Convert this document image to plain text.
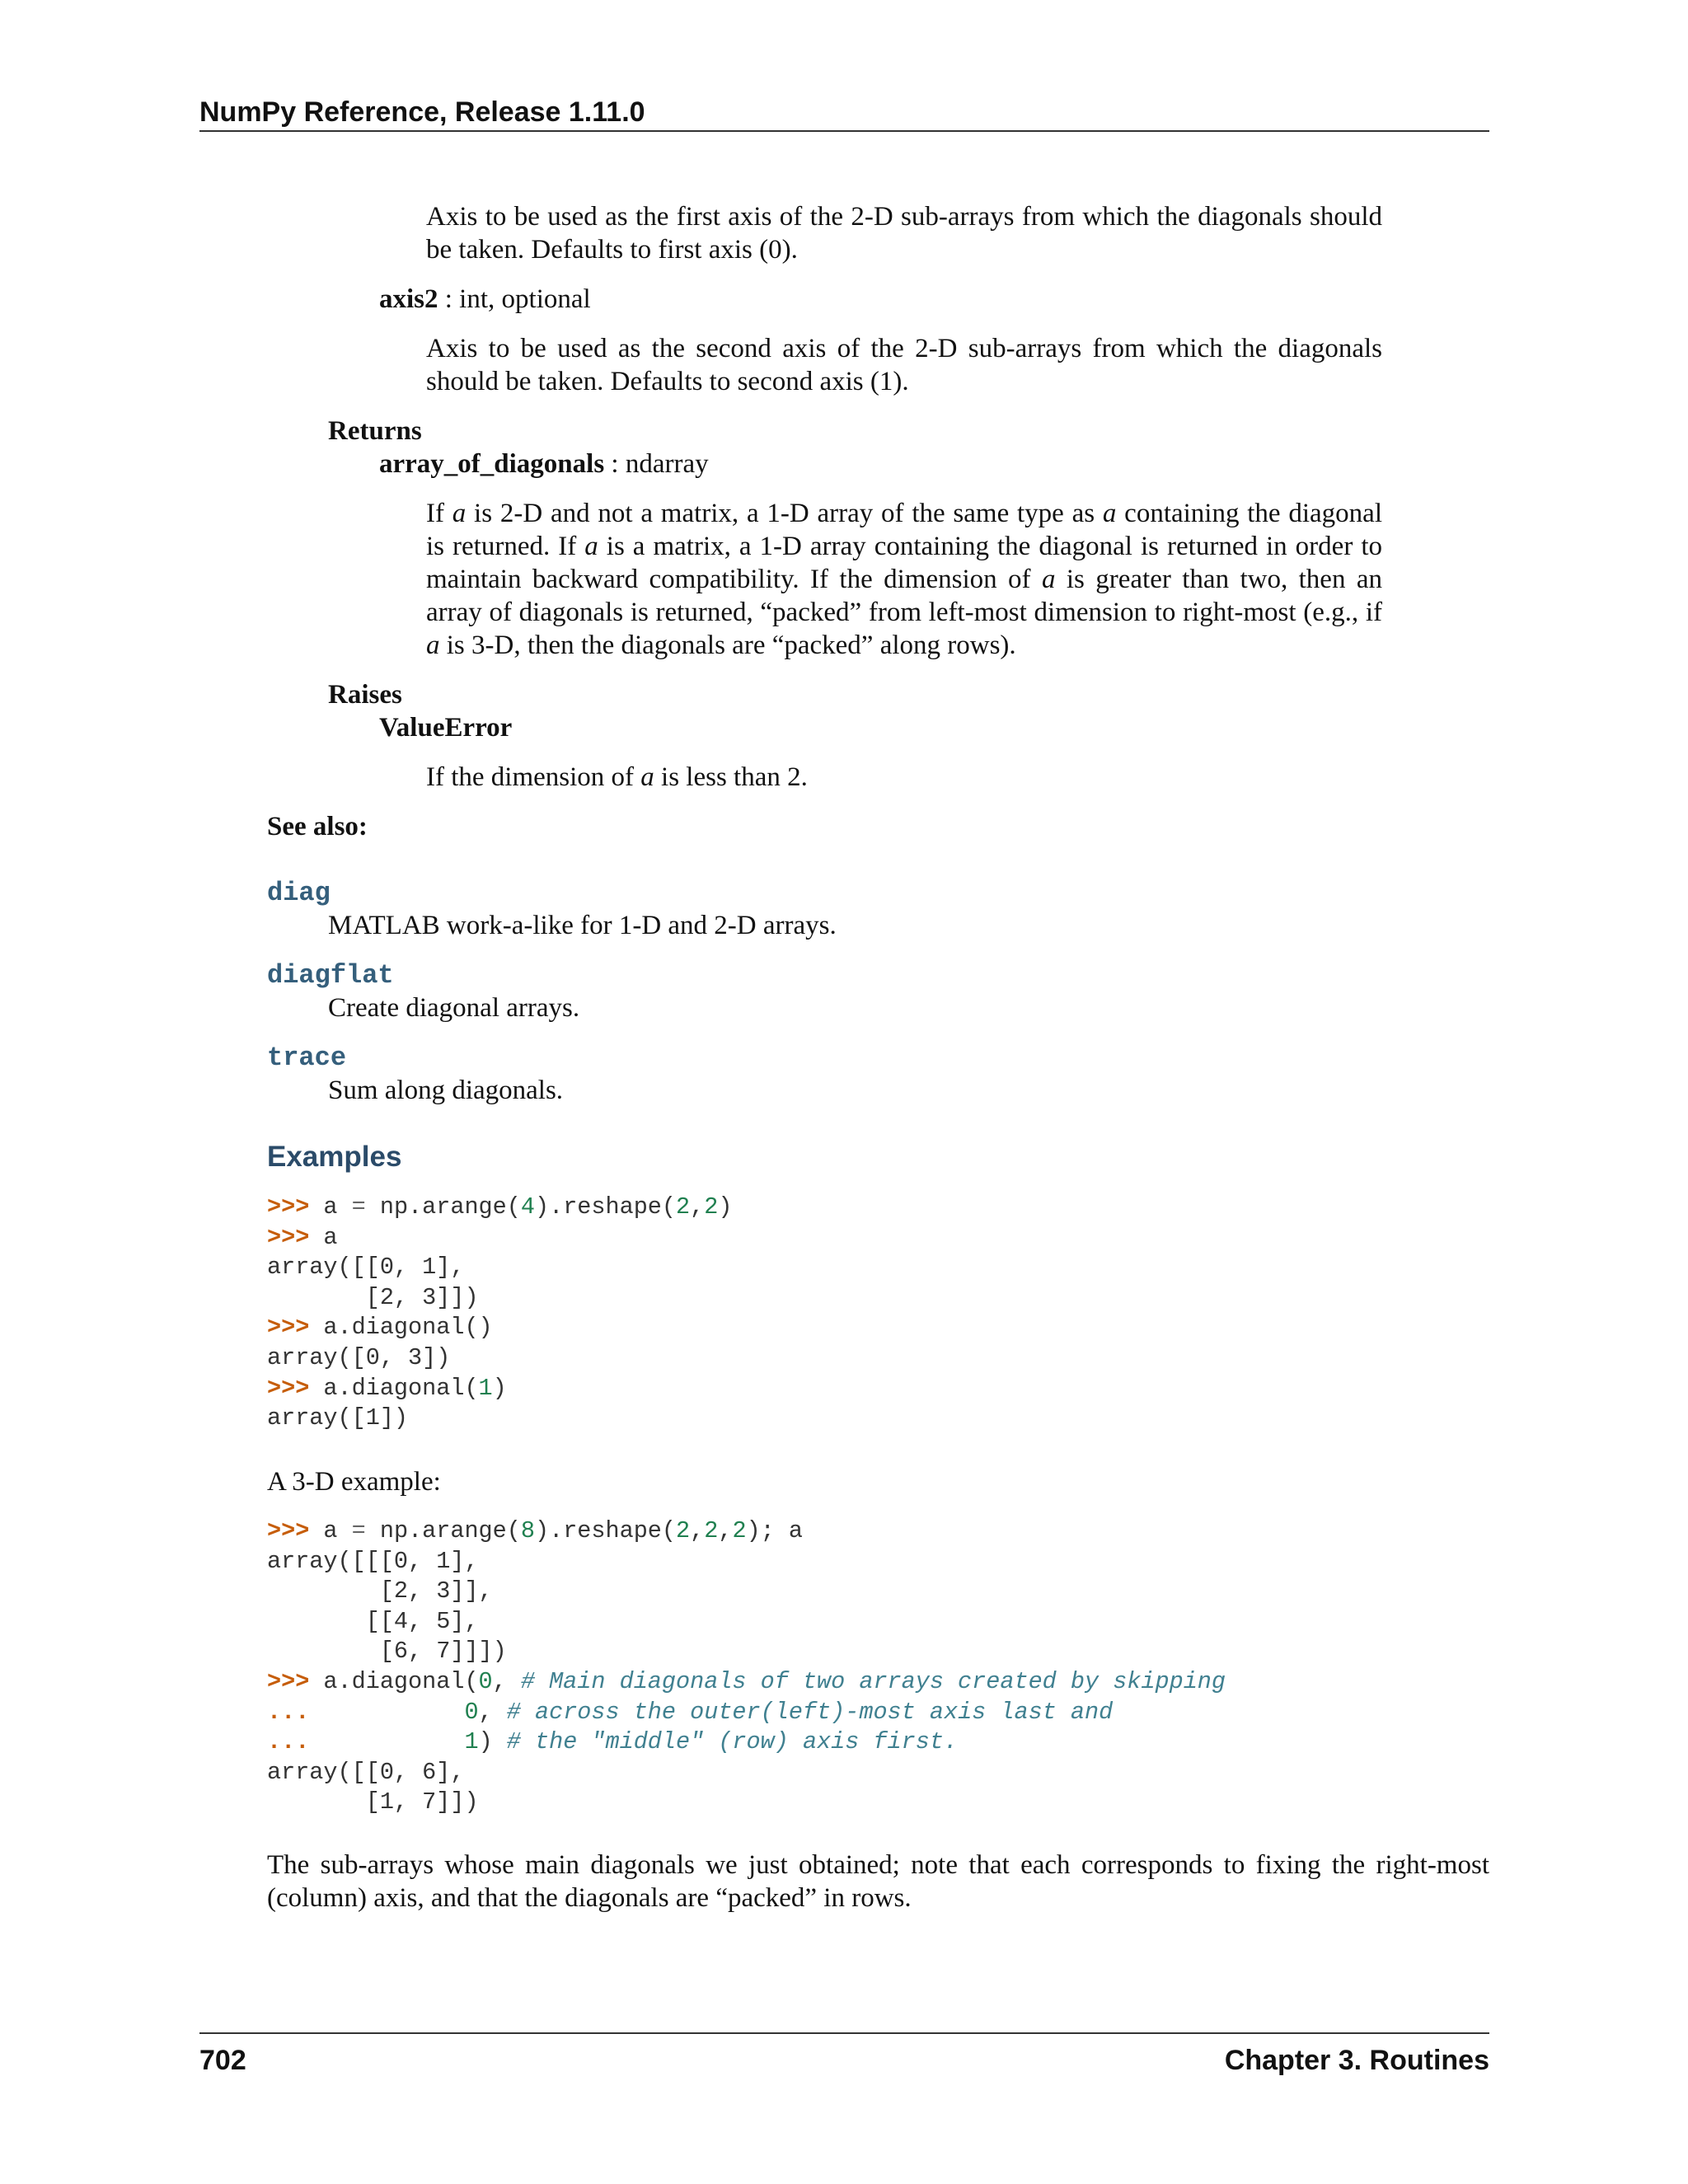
NumPy Reference, Release 1.11.0
Axis to be used as the first axis of the 2-D sub-arrays from which the diagonals should be taken. Defaults to first axis (0).
axis2 : int, optional
Axis to be used as the second axis of the 2-D sub-arrays from which the diagonals should be taken. Defaults to second axis (1).
Returns
array_of_diagonals : ndarray
If a is 2-D and not a matrix, a 1-D array of the same type as a containing the diagonal is returned. If a is a matrix, a 1-D array containing the diagonal is returned in order to maintain backward compatibility. If the dimension of a is greater than two, then an array of diagonals is returned, “packed” from left-most dimension to right-most (e.g., if a is 3-D, then the diagonals are “packed” along rows).
Raises
ValueError
If the dimension of a is less than 2.
See also:
diag
MATLAB work-a-like for 1-D and 2-D arrays.
diagflat
Create diagonal arrays.
trace
Sum along diagonals.
Examples
>>> a = np.arange(4).reshape(2,2)
>>> a
array([[0, 1],
[2, 3]])
>>> a.diagonal()
array([0, 3])
>>> a.diagonal(1)
array([1])
A 3-D example:
>>> a = np.arange(8).reshape(2,2,2); a
array([[[0, 1],
[2, 3]],
[[4, 5],
[6, 7]]])
>>> a.diagonal(0, # Main diagonals of two arrays created by skipping
...	0, # across the outer(left)-most axis last and
...	1) # the "middle" (row) axis first.
array([[0, 6],
[1, 7]])
The sub-arrays whose main diagonals we just obtained; note that each corresponds to fixing the right-most (column) axis, and that the diagonals are “packed” in rows.
702	Chapter 3. Routines
